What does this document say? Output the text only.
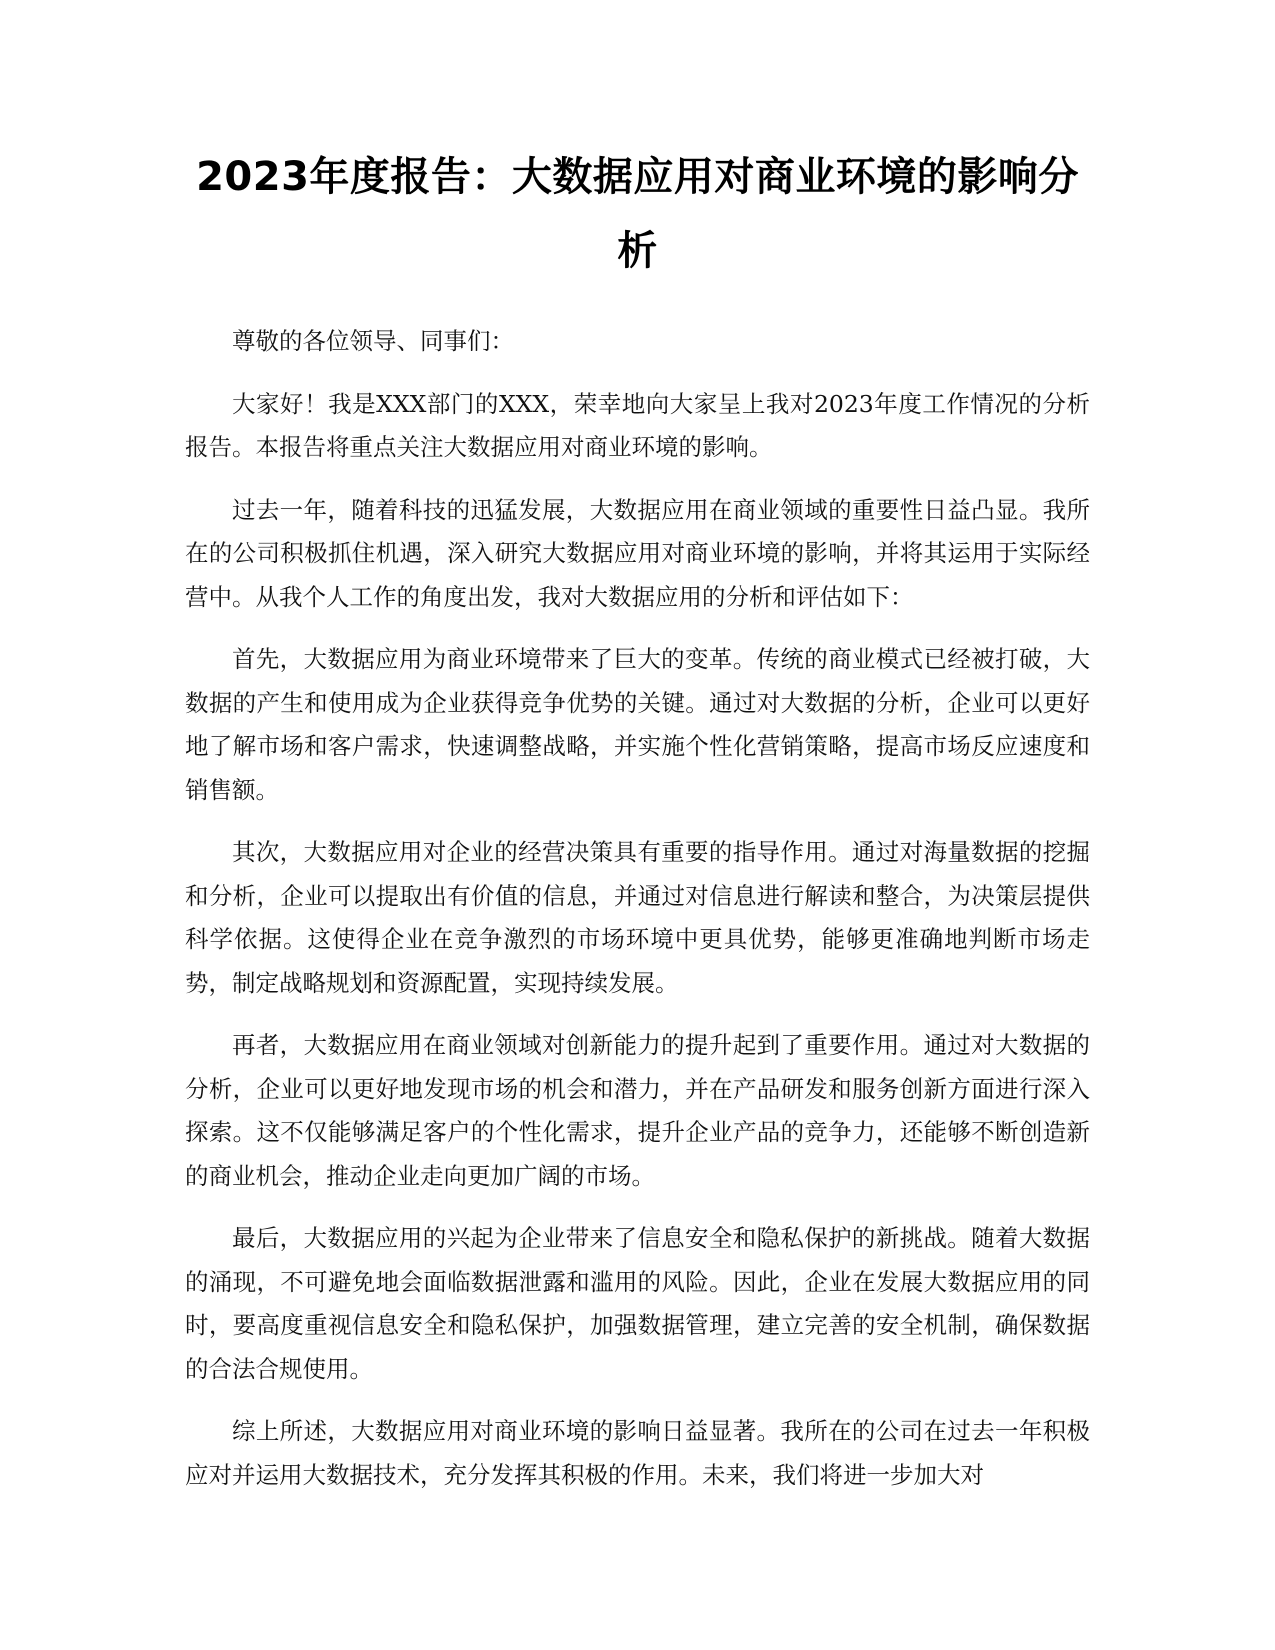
2023年度报告：大数据应用对商业环境的影响分析

尊敬的各位领导、同事们：

大家好！我是XXX部门的XXX，荣幸地向大家呈上我对2023年度工作情况的分析报告。本报告将重点关注大数据应用对商业环境的影响。

过去一年，随着科技的迅猛发展，大数据应用在商业领域的重要性日益凸显。我所在的公司积极抓住机遇，深入研究大数据应用对商业环境的影响，并将其运用于实际经营中。从我个人工作的角度出发，我对大数据应用的分析和评估如下：

首先，大数据应用为商业环境带来了巨大的变革。传统的商业模式已经被打破，大数据的产生和使用成为企业获得竞争优势的关键。通过对大数据的分析，企业可以更好地了解市场和客户需求，快速调整战略，并实施个性化营销策略，提高市场反应速度和销售额。

其次，大数据应用对企业的经营决策具有重要的指导作用。通过对海量数据的挖掘和分析，企业可以提取出有价值的信息，并通过对信息进行解读和整合，为决策层提供科学依据。这使得企业在竞争激烈的市场环境中更具优势，能够更准确地判断市场走势，制定战略规划和资源配置，实现持续发展。

再者，大数据应用在商业领域对创新能力的提升起到了重要作用。通过对大数据的分析，企业可以更好地发现市场的机会和潜力，并在产品研发和服务创新方面进行深入探索。这不仅能够满足客户的个性化需求，提升企业产品的竞争力，还能够不断创造新的商业机会，推动企业走向更加广阔的市场。

最后，大数据应用的兴起为企业带来了信息安全和隐私保护的新挑战。随着大数据的涌现，不可避免地会面临数据泄露和滥用的风险。因此，企业在发展大数据应用的同时，要高度重视信息安全和隐私保护，加强数据管理，建立完善的安全机制，确保数据的合法合规使用。

综上所述，大数据应用对商业环境的影响日益显著。我所在的公司在过去一年积极应对并运用大数据技术，充分发挥其积极的作用。未来，我们将进一步加大对
